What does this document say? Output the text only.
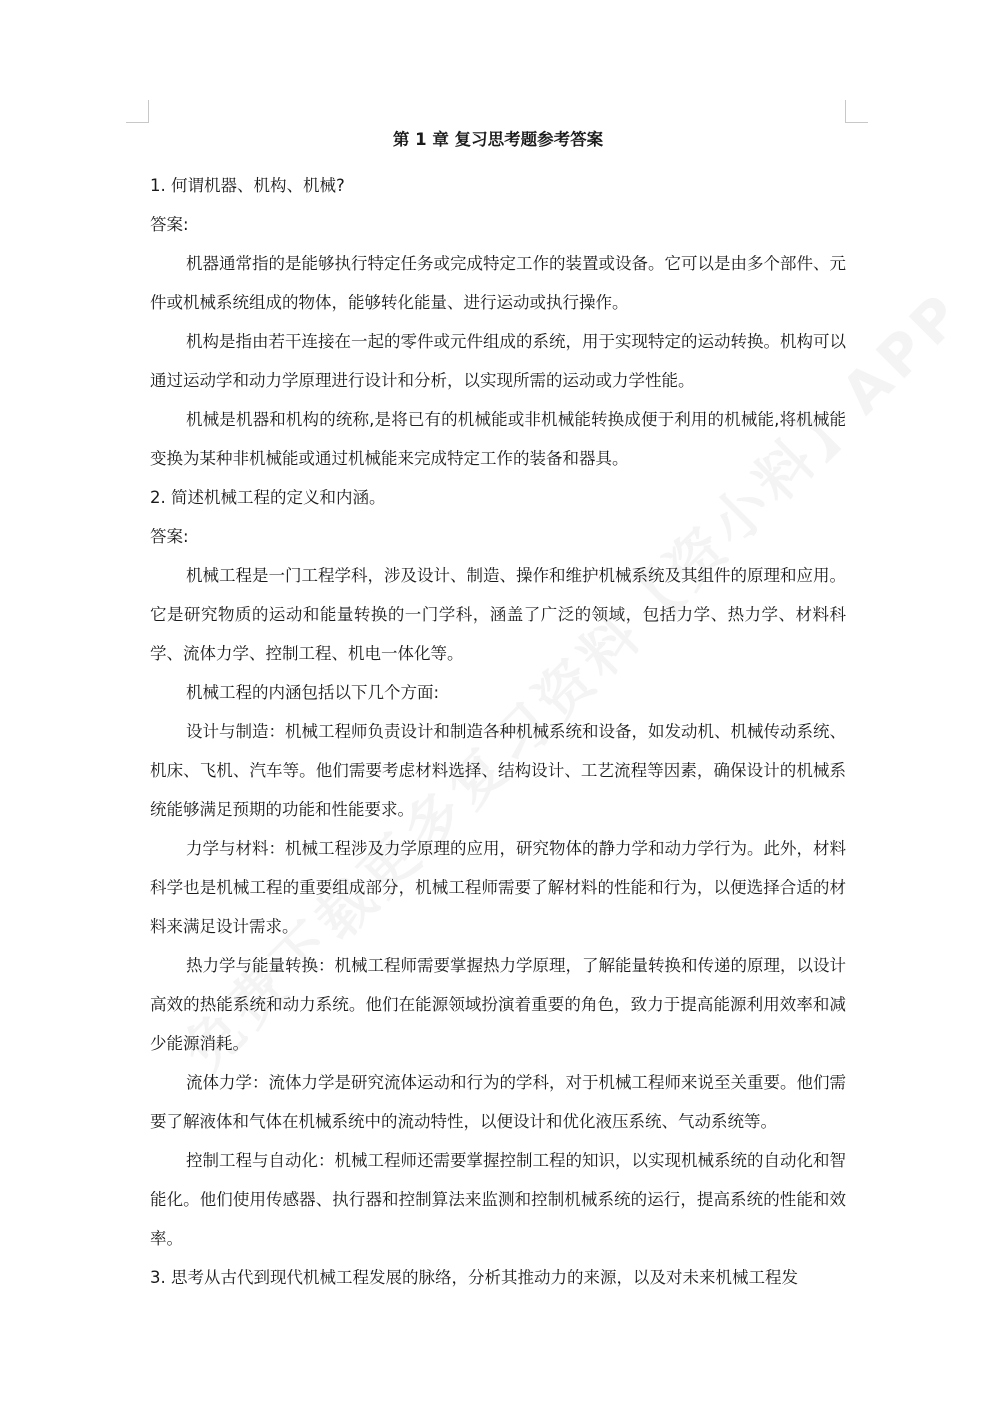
第 1 章 复习思考题参考答案

1. 何谓机器、机构、机械?

答案:

机器通常指的是能够执行特定任务或完成特定工作的装置或设备。它可以是由多个部件、元件或机械系统组成的物体，能够转化能量、进行运动或执行操作。

机构是指由若干连接在一起的零件或元件组成的系统，用于实现特定的运动转换。机构可以通过运动学和动力学原理进行设计和分析，以实现所需的运动或力学性能。

机械是机器和机构的统称,是将已有的机械能或非机械能转换成便于利用的机械能,将机械能变换为某种非机械能或通过机械能来完成特定工作的装备和器具。

2. 简述机械工程的定义和内涵。

答案:

机械工程是一门工程学科，涉及设计、制造、操作和维护机械系统及其组件的原理和应用。它是研究物质的运动和能量转换的一门学科，涵盖了广泛的领域，包括力学、热力学、材料科学、流体力学、控制工程、机电一体化等。

机械工程的内涵包括以下几个方面:

设计与制造：机械工程师负责设计和制造各种机械系统和设备，如发动机、机械传动系统、机床、飞机、汽车等。他们需要考虑材料选择、结构设计、工艺流程等因素，确保设计的机械系统能够满足预期的功能和性能要求。

力学与材料：机械工程涉及力学原理的应用，研究物体的静力学和动力学行为。此外，材料科学也是机械工程的重要组成部分，机械工程师需要了解材料的性能和行为，以便选择合适的材料来满足设计需求。

热力学与能量转换：机械工程师需要掌握热力学原理，了解能量转换和传递的原理，以设计高效的热能系统和动力系统。他们在能源领域扮演着重要的角色，致力于提高能源利用效率和减少能源消耗。

流体力学：流体力学是研究流体运动和行为的学科，对于机械工程师来说至关重要。他们需要了解液体和气体在机械系统中的流动特性，以便设计和优化液压系统、气动系统等。

控制工程与自动化：机械工程师还需要掌握控制工程的知识，以实现机械系统的自动化和智能化。他们使用传感器、执行器和控制算法来监测和控制机械系统的运行，提高系统的性能和效率。

3. 思考从古代到现代机械工程发展的脉络，分析其推动力的来源，以及对未来机械工程发
